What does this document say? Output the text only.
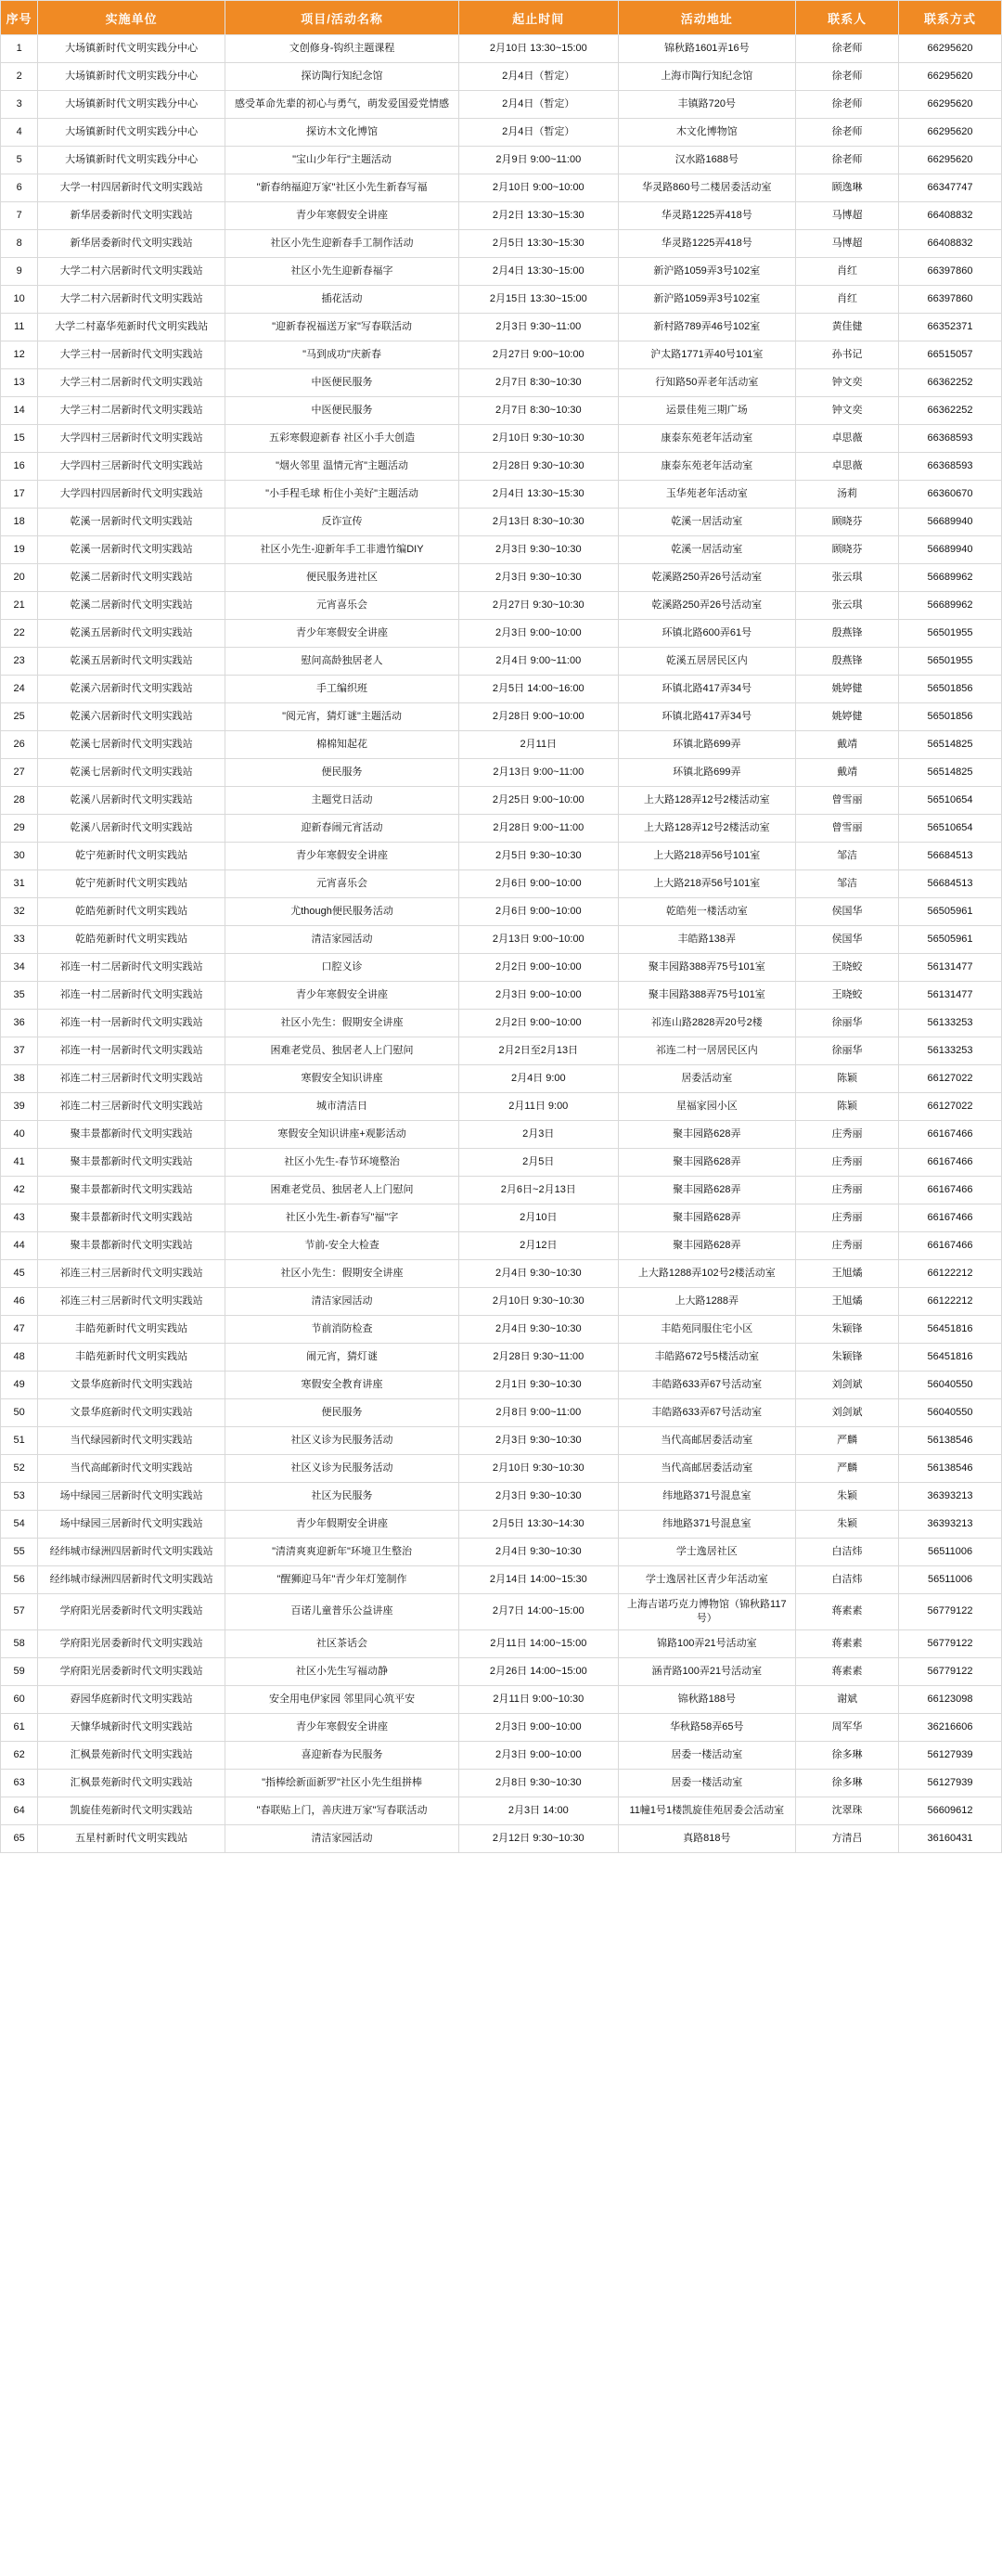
序号	实施单位	项目/活动名称	起止时间	活动地址	联系人	联系方式
1	大场镇新时代文明实践分中心	文创修身-钩织主题课程	2月10日 13:30~15:00	锦秋路1601弄16号	徐老师	66295620
2	大场镇新时代文明实践分中心	探访陶行知纪念馆	2月4日（暂定）	上海市陶行知纪念馆	徐老师	66295620
3	大场镇新时代文明实践分中心	感受革命先辈的初心与勇气，萌发爱国爱党情感	2月4日（暂定）	丰镇路720号	徐老师	66295620
4	大场镇新时代文明实践分中心	探访木文化博馆	2月4日（暂定）	木文化博物馆	徐老师	66295620
5	大场镇新时代文明实践分中心	"宝山少年行"主题活动	2月9日 9:00~11:00	汉水路1688号	徐老师	66295620
6	大学一村四居新时代文明实践站	"新春纳福迎万家"社区小先生新春写福	2月10日 9:00~10:00	华灵路860号二楼居委活动室	顾逸琳	66347747
7	新华居委新时代文明实践站	青少年寒假安全讲座	2月2日 13:30~15:30	华灵路1225弄418号	马博超	66408832
8	新华居委新时代文明实践站	社区小先生迎新春手工制作活动	2月5日 13:30~15:30	华灵路1225弄418号	马博超	66408832
9	大学二村六居新时代文明实践站	社区小先生迎新春福字	2月4日 13:30~15:00	新沪路1059弄3号102室	肖红	66397860
10	大学二村六居新时代文明实践站	插花活动	2月15日 13:30~15:00	新沪路1059弄3号102室	肖红	66397860
11	大学二村嘉华苑新时代文明实践站	"迎新春祝福送万家"写春联活动	2月3日 9:30~11:00	新村路789弄46号102室	黄佳健	66352371
12	大学三村一居新时代文明实践站	"马到成功"庆新春	2月27日 9:00~10:00	沪太路1771弄40号101室	孙书记	66515057
13	大学三村二居新时代文明实践站	中医便民服务	2月7日 8:30~10:30	行知路50弄老年活动室	钟文奕	66362252
14	大学三村二居新时代文明实践站	中医便民服务	2月7日 8:30~10:30	运景佳苑三期广场	钟文奕	66362252
15	大学四村三居新时代文明实践站	五彩寒假迎新春 社区小手大创造	2月10日 9:30~10:30	康泰东苑老年活动室	卓思薇	66368593
16	大学四村三居新时代文明实践站	"烟火邻里 温情元宵"主题活动	2月28日 9:30~10:30	康泰东苑老年活动室	卓思薇	66368593
17	大学四村四居新时代文明实践站	"小手程毛球 桁住小美好"主题活动	2月4日 13:30~15:30	玉华苑老年活动室	汤莉	66360670
18	乾溪一居新时代文明实践站	反诈宣传	2月13日 8:30~10:30	乾溪一居活动室	顾晓芬	56689940
19	乾溪一居新时代文明实践站	社区小先生-迎新年手工非遗竹编DIY	2月3日 9:30~10:30	乾溪一居活动室	顾晓芬	56689940
20	乾溪二居新时代文明实践站	便民服务进社区	2月3日 9:30~10:30	乾溪路250弄26号活动室	张云琪	56689962
21	乾溪二居新时代文明实践站	元宵喜乐会	2月27日 9:30~10:30	乾溪路250弄26号活动室	张云琪	56689962
22	乾溪五居新时代文明实践站	青少年寒假安全讲座	2月3日 9:00~10:00	环镇北路600弄61号	殷燕锋	56501955
23	乾溪五居新时代文明实践站	慰问高龄独居老人	2月4日 9:00~11:00	乾溪五居居民区内	殷燕锋	56501955
24	乾溪六居新时代文明实践站	手工编织班	2月5日 14:00~16:00	环镇北路417弄34号	姚婷健	56501856
25	乾溪六居新时代文明实践站	"阅元宵，猜灯谜"主题活动	2月28日 9:00~10:00	环镇北路417弄34号	姚婷健	56501856
26	乾溪七居新时代文明实践站	棉棉知起花	2月11日	环镇北路699弄	戴靖	56514825
27	乾溪七居新时代文明实践站	便民服务	2月13日 9:00~11:00	环镇北路699弄	戴靖	56514825
28	乾溪八居新时代文明实践站	主题党日活动	2月25日 9:00~10:00	上大路128弄12号2楼活动室	曾雪丽	56510654
29	乾溪八居新时代文明实践站	迎新春闹元宵活动	2月28日 9:00~11:00	上大路128弄12号2楼活动室	曾雪丽	56510654
30	乾宁苑新时代文明实践站	青少年寒假安全讲座	2月5日 9:30~10:30	上大路218弄56号101室	邹洁	56684513
31	乾宁苑新时代文明实践站	元宵喜乐会	2月6日 9:00~10:00	上大路218弄56号101室	邹洁	56684513
32	乾皓苑新时代文明实践站	尤though便民服务活动	2月6日 9:00~10:00	乾皓苑一楼活动室	侯国华	56505961
33	乾皓苑新时代文明实践站	清洁家园活动	2月13日 9:00~10:00	丰皓路138弄	侯国华	56505961
34	祁连一村二居新时代文明实践站	口腔义诊	2月2日 9:00~10:00	聚丰园路388弄75号101室	王晓蛟	56131477
35	祁连一村二居新时代文明实践站	青少年寒假安全讲座	2月3日 9:00~10:00	聚丰园路388弄75号101室	王晓蛟	56131477
36	祁连一村一居新时代文明实践站	社区小先生：假期安全讲座	2月2日 9:00~10:00	祁连山路2828弄20号2楼	徐丽华	56133253
37	祁连一村一居新时代文明实践站	困难老党员、独居老人上门慰问	2月2日至2月13日	祁连二村一居居民区内	徐丽华	56133253
38	祁连二村三居新时代文明实践站	寒假安全知识讲座	2月4日 9:00	居委活动室	陈颖	66127022
39	祁连二村三居新时代文明实践站	城市清洁日	2月11日 9:00	星福家园小区	陈颖	66127022
40	聚丰景都新时代文明实践站	寒假安全知识讲座+观影活动	2月3日	聚丰园路628弄	庄秀丽	66167466
41	聚丰景都新时代文明实践站	社区小先生-春节环境整治	2月5日	聚丰园路628弄	庄秀丽	66167466
42	聚丰景都新时代文明实践站	困难老党员、独居老人上门慰问	2月6日~2月13日	聚丰园路628弄	庄秀丽	66167466
43	聚丰景都新时代文明实践站	社区小先生-新春写"福"字	2月10日	聚丰园路628弄	庄秀丽	66167466
44	聚丰景都新时代文明实践站	节前-安全大检查	2月12日	聚丰园路628弄	庄秀丽	66167466
45	祁连三村三居新时代文明实践站	社区小先生：假期安全讲座	2月4日 9:30~10:30	上大路1288弄102号2楼活动室	王旭燏	66122212
46	祁连三村三居新时代文明实践站	清洁家园活动	2月10日 9:30~10:30	上大路1288弄	王旭燏	66122212
47	丰皓苑新时代文明实践站	节前消防检查	2月4日 9:30~10:30	丰皓苑同服住宅小区	朱颖锋	56451816
48	丰皓苑新时代文明实践站	闹元宵，猜灯谜	2月28日 9:30~11:00	丰皓路672号5楼活动室	朱颖锋	56451816
49	文景华庭新时代文明实践站	寒假安全教育讲座	2月1日 9:30~10:30	丰皓路633弄67号活动室	刘剑斌	56040550
50	文景华庭新时代文明实践站	便民服务	2月8日 9:00~11:00	丰皓路633弄67号活动室	刘剑斌	56040550
51	当代绿园新时代文明实践站	社区义诊为民服务活动	2月3日 9:30~10:30	当代高邮居委活动室	严麟	56138546
52	当代高邮新时代文明实践站	社区义诊为民服务活动	2月10日 9:30~10:30	当代高邮居委活动室	严麟	56138546
53	场中绿园三居新时代文明实践站	社区为民服务	2月3日 9:30~10:30	纬地路371号混息室	朱颖	36393213
54	场中绿园三居新时代文明实践站	青少年假期安全讲座	2月5日 13:30~14:30	纬地路371号混息室	朱颖	36393213
55	经纬城市绿洲四居新时代文明实践站	"清清爽爽迎新年"环境卫生整治	2月4日 9:30~10:30	学士逸居社区	白洁炜	56511006
56	经纬城市绿洲四居新时代文明实践站	"醒狮迎马年"青少年灯笼制作	2月14日 14:00~15:30	学士逸居社区青少年活动室	白洁炜	56511006
57	学府阳光居委新时代文明实践站	百诺儿童普乐公益讲座	2月7日 14:00~15:00	上海吉诺巧克力博物馆（锦秋路117号）	蒋素素	56779122
58	学府阳光居委新时代文明实践站	社区茶话会	2月11日 14:00~15:00	锦路100弄21号活动室	蒋素素	56779122
59	学府阳光居委新时代文明实践站	社区小先生写福动静	2月26日 14:00~15:00	涵青路100弄21号活动室	蒋素素	56779122
60	孬园华庭新时代文明实践站	安全用电伊家园 邻里同心筑平安	2月11日 9:00~10:30	锦秋路188号	谢斌	66123098
61	天慷华城新时代文明实践站	青少年寒假安全讲座	2月3日 9:00~10:00	华秋路58弄65号	周军华	36216606
62	汇枫景苑新时代文明实践站	喜迎新春为民服务	2月3日 9:00~10:00	居委一楼活动室	徐多琳	56127939
63	汇枫景苑新时代文明实践站	"指棒绘新面新罗"社区小先生组拼棒	2月8日 9:30~10:30	居委一楼活动室	徐多琳	56127939
64	凯旋佳苑新时代文明实践站	"春联贴上门，善庆进万家"写春联活动	2月3日 14:00	11幢1号1楼凯旋佳苑居委会活动室	沈翠珠	56609612
65	五星村新时代文明实践站	清洁家园活动	2月12日 9:30~10:30	真路818号	方清吕	36160431
